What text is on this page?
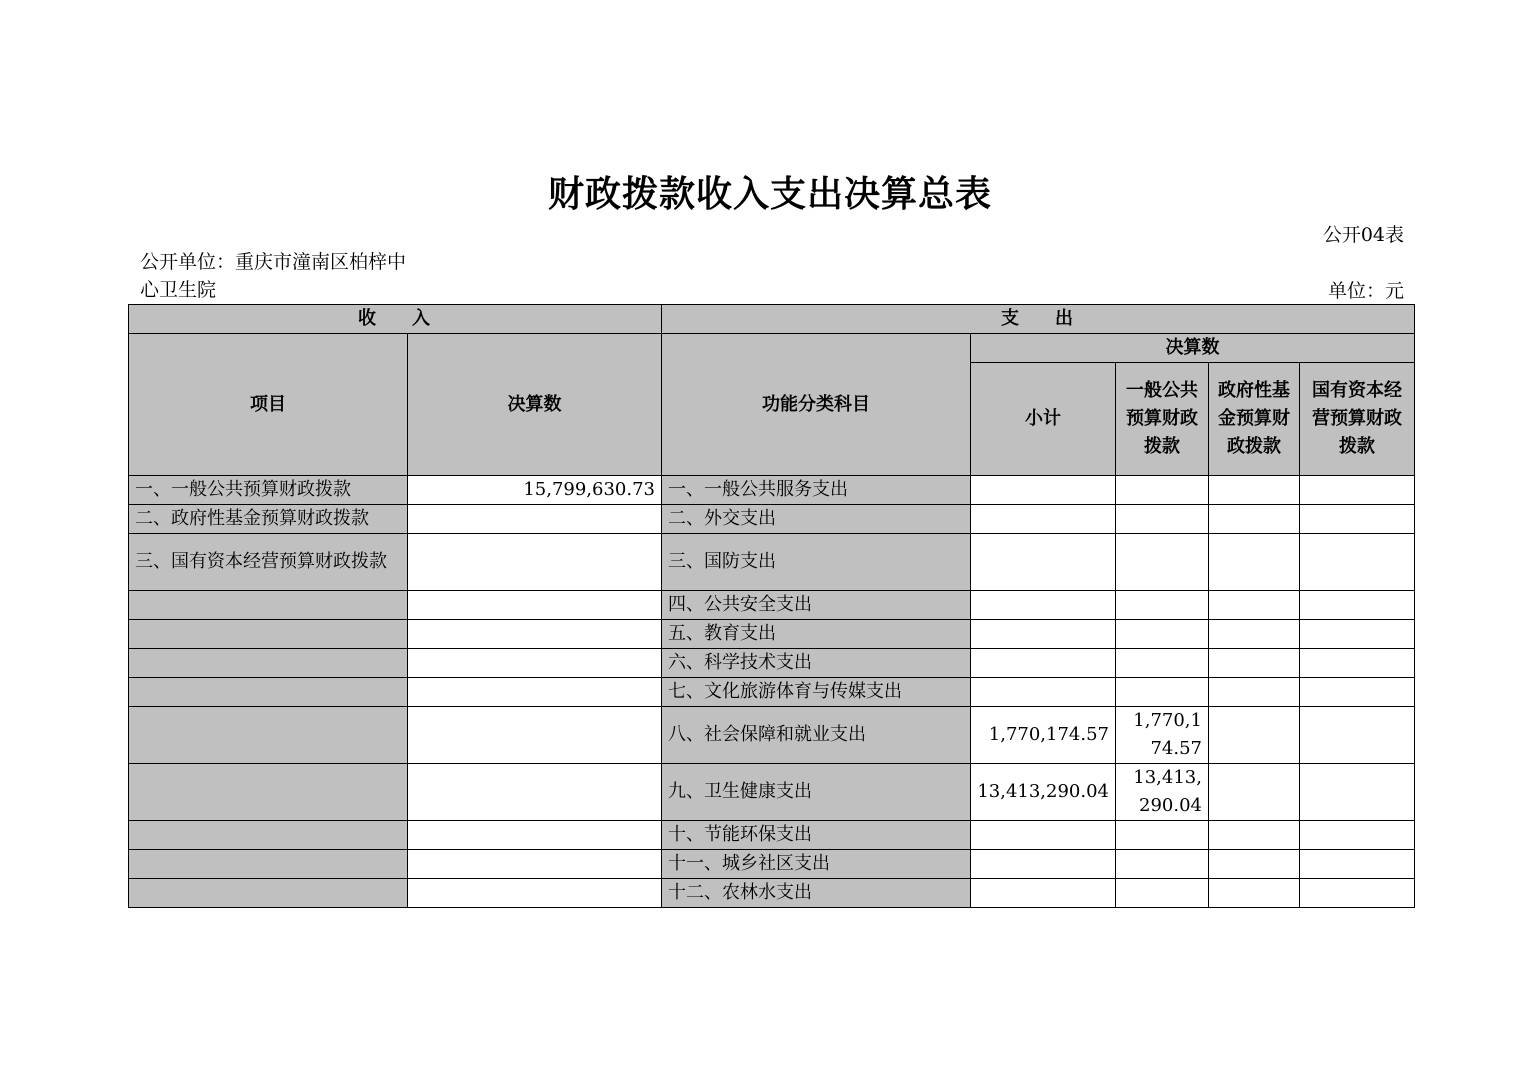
财政拨款收入支出决算总表
公开04表
公开单位：重庆市潼南区柏梓中心卫生院	单位：元
收入		支出				
项目	决算数	功能分类科目	决算数			
			小计	一般公共预算财政拨款	政府性基金预算财政拨款	国有资本经营预算财政拨款
一、一般公共预算财政拨款	15,799,630.73	一、一般公共服务支出				
二、政府性基金预算财政拨款		二、外交支出				
三、国有资本经营预算财政拨款		三、国防支出				
		四、公共安全支出				
		五、教育支出				
		六、科学技术支出				
		七、文化旅游体育与传媒支出				
		八、社会保障和就业支出	1,770,174.57	1,770,174.57		
		九、卫生健康支出	13,413,290.04	13,413,290.04		
		十、节能环保支出				
		十一、城乡社区支出				
		十二、农林水支出				
